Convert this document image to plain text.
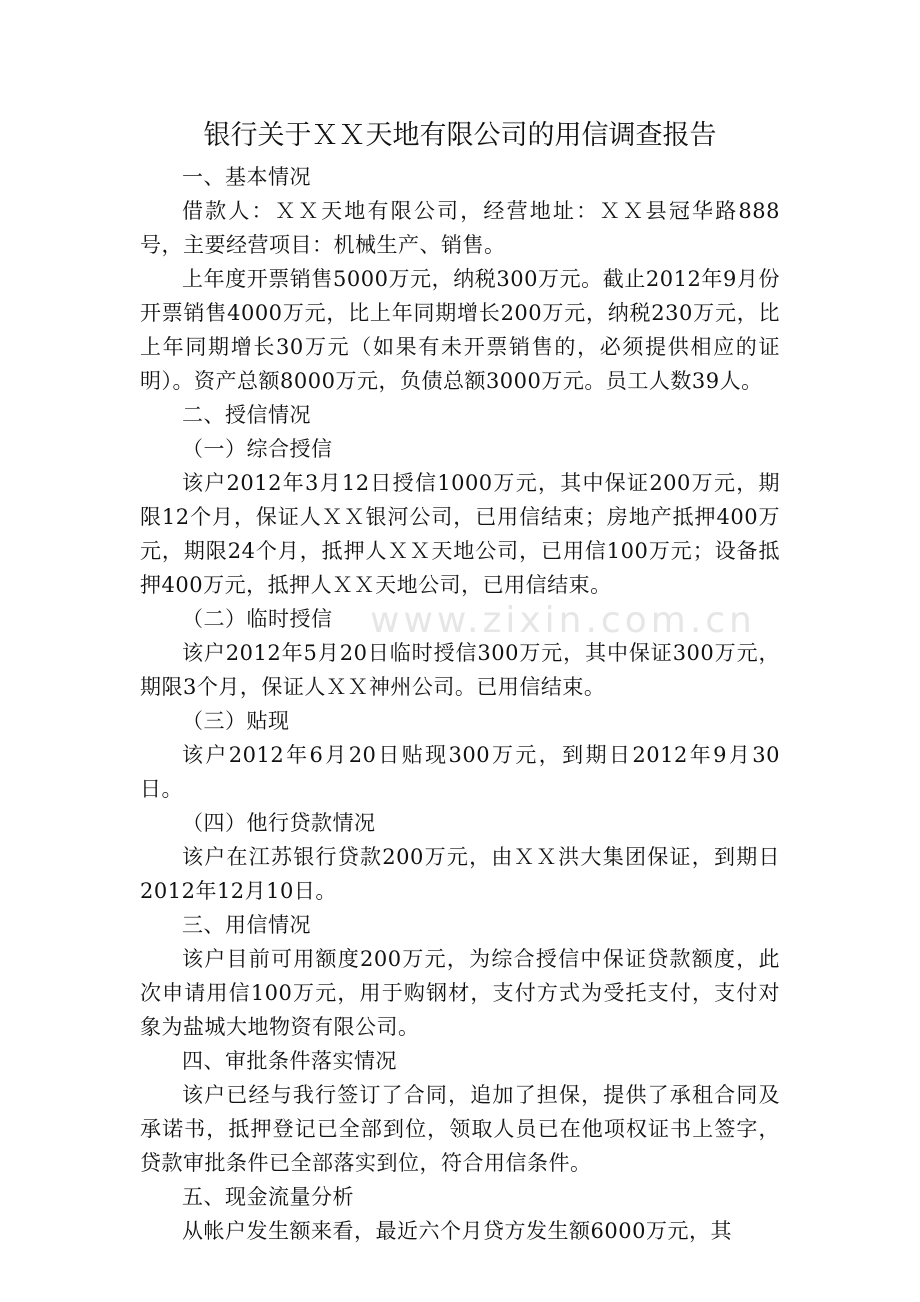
www.zixin.com.cn
银行关于ＸＸ天地有限公司的用信调查报告

一、基本情况

借款人：ＸＸ天地有限公司，经营地址：ＸＸ县冠华路888号，主要经营项目：机械生产、销售。

上年度开票销售5000万元，纳税300万元。截止2012年9月份开票销售4000万元，比上年同期增长200万元，纳税230万元，比上年同期增长30万元（如果有未开票销售的，必须提供相应的证明）。资产总额8000万元，负债总额3000万元。员工人数39人。

二、授信情况

（一）综合授信

该户2012年3月12日授信1000万元，其中保证200万元，期限12个月，保证人ＸＸ银河公司，已用信结束；房地产抵押400万元，期限24个月，抵押人ＸＸ天地公司，已用信100万元；设备抵押400万元，抵押人ＸＸ天地公司，已用信结束。

（二）临时授信

该户2012年5月20日临时授信300万元，其中保证300万元，期限3个月，保证人ＸＸ神州公司。已用信结束。

（三）贴现

该户2012年6月20日贴现300万元，到期日2012年9月30日。

（四）他行贷款情况

该户在江苏银行贷款200万元，由ＸＸ洪大集团保证，到期日2012年12月10日。

三、用信情况

该户目前可用额度200万元，为综合授信中保证贷款额度，此次申请用信100万元，用于购钢材，支付方式为受托支付，支付对象为盐城大地物资有限公司。

四、审批条件落实情况

该户已经与我行签订了合同，追加了担保，提供了承租合同及承诺书，抵押登记已全部到位，领取人员已在他项权证书上签字，贷款审批条件已全部落实到位，符合用信条件。

五、现金流量分析

从帐户发生额来看，最近六个月贷方发生额6000万元，其
